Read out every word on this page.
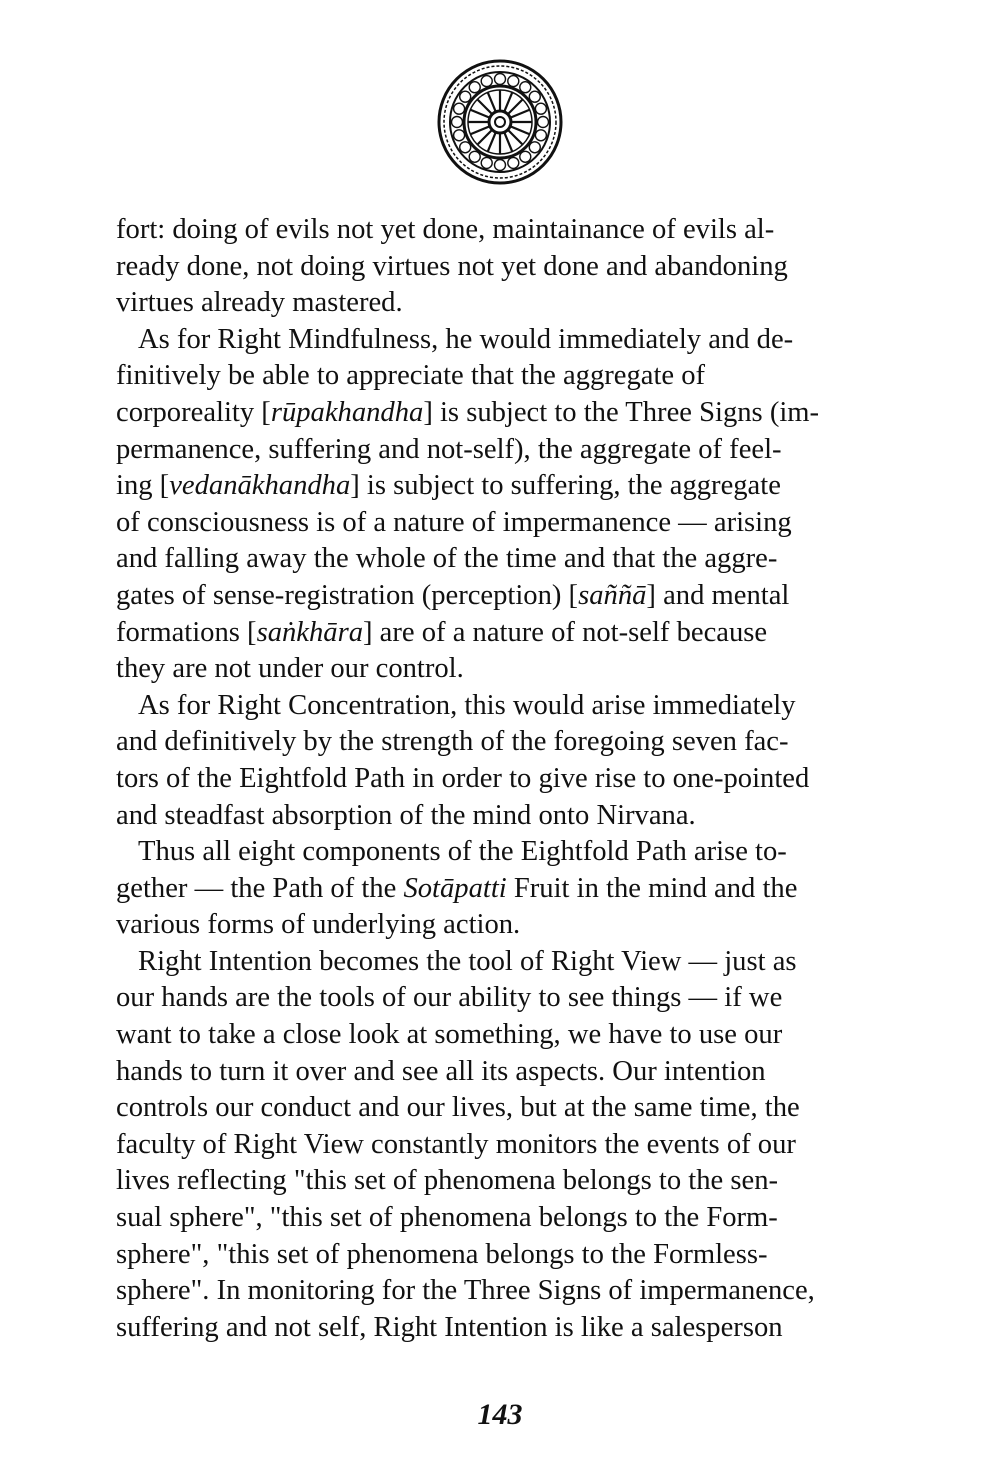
fort: doing of evils not yet done, maintainance of evils al-
ready done, not doing virtues not yet done and abandoning
virtues already mastered.
As for Right Mindfulness, he would immediately and de-
finitively be able to appreciate that the aggregate of
corporeality [rūpakhandha] is subject to the Three Signs (im-
permanence, suffering and not-self), the aggregate of feel-
ing [vedanākhandha] is subject to suffering, the aggregate
of consciousness is of a nature of impermanence — arising
and falling away the whole of the time and that the aggre-
gates of sense-registration (perception) [saññā] and mental
formations [saṅkhāra] are of a nature of not-self because
they are not under our control.
As for Right Concentration, this would arise immediately
and definitively by the strength of the foregoing seven fac-
tors of the Eightfold Path in order to give rise to one-pointed
and steadfast absorption of the mind onto Nirvana.
Thus all eight components of the Eightfold Path arise to-
gether — the Path of the Sotāpatti Fruit in the mind and the
various forms of underlying action.
Right Intention becomes the tool of Right View — just as
our hands are the tools of our ability to see things — if we
want to take a close look at something, we have to use our
hands to turn it over and see all its aspects. Our intention
controls our conduct and our lives, but at the same time, the
faculty of Right View constantly monitors the events of our
lives reflecting "this set of phenomena belongs to the sen-
sual sphere", "this set of phenomena belongs to the Form-
sphere", "this set of phenomena belongs to the Formless-
sphere". In monitoring for the Three Signs of impermanence,
suffering and not self, Right Intention is like a salesperson
143
